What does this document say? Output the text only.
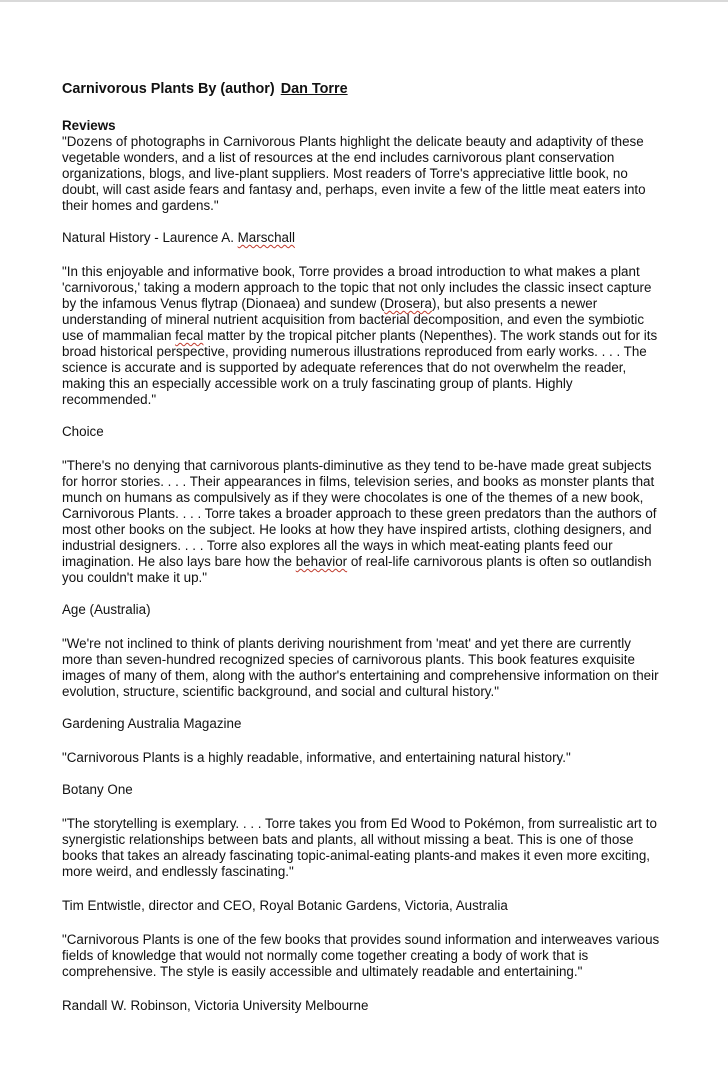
Carnivorous Plants By (author) Dan Torre
Reviews

"Dozens of photographs in Carnivorous Plants highlight the delicate beauty and adaptivity of these vegetable wonders, and a list of resources at the end includes carnivorous plant conservation organizations, blogs, and live-plant suppliers. Most readers of Torre's appreciative little book, no doubt, will cast aside fears and fantasy and, perhaps, even invite a few of the little meat eaters into their homes and gardens."

Natural History - Laurence A. Marschall

"In this enjoyable and informative book, Torre provides a broad introduction to what makes a plant 'carnivorous,' taking a modern approach to the topic that not only includes the classic insect capture by the infamous Venus flytrap (Dionaea) and sundew (Drosera), but also presents a newer understanding of mineral nutrient acquisition from bacterial decomposition, and even the symbiotic use of mammalian fecal matter by the tropical pitcher plants (Nepenthes). The work stands out for its broad historical perspective, providing numerous illustrations reproduced from early works. . . . The science is accurate and is supported by adequate references that do not overwhelm the reader, making this an especially accessible work on a truly fascinating group of plants. Highly recommended."

Choice

"There's no denying that carnivorous plants-diminutive as they tend to be-have made great subjects for horror stories. . . . Their appearances in films, television series, and books as monster plants that munch on humans as compulsively as if they were chocolates is one of the themes of a new book, Carnivorous Plants. . . . Torre takes a broader approach to these green predators than the authors of most other books on the subject. He looks at how they have inspired artists, clothing designers, and industrial designers. . . . Torre also explores all the ways in which meat-eating plants feed our imagination. He also lays bare how the behavior of real-life carnivorous plants is often so outlandish you couldn't make it up."

Age (Australia)

"We're not inclined to think of plants deriving nourishment from 'meat' and yet there are currently more than seven-hundred recognized species of carnivorous plants. This book features exquisite images of many of them, along with the author's entertaining and comprehensive information on their evolution, structure, scientific background, and social and cultural history."

Gardening Australia Magazine

"Carnivorous Plants is a highly readable, informative, and entertaining natural history."

Botany One

"The storytelling is exemplary. . . . Torre takes you from Ed Wood to Pokémon, from surrealistic art to synergistic relationships between bats and plants, all without missing a beat. This is one of those books that takes an already fascinating topic-animal-eating plants-and makes it even more exciting, more weird, and endlessly fascinating."

Tim Entwistle, director and CEO, Royal Botanic Gardens, Victoria, Australia

"Carnivorous Plants is one of the few books that provides sound information and interweaves various fields of knowledge that would not normally come together creating a body of work that is comprehensive. The style is easily accessible and ultimately readable and entertaining."

Randall W. Robinson, Victoria University Melbourne
